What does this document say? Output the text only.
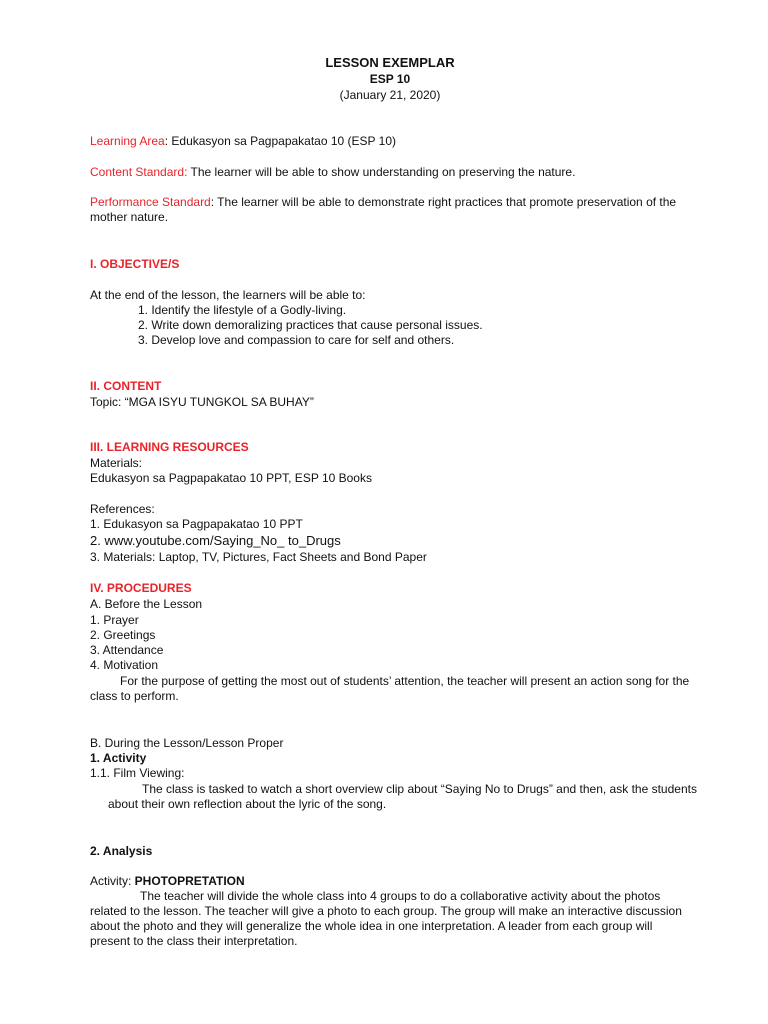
LESSON EXEMPLAR
ESP 10
(January 21, 2020)
Learning Area: Edukasyon sa Pagpapakatao 10 (ESP 10)
Content Standard: The learner will be able to show understanding on preserving the nature.
Performance Standard: The learner will be able to demonstrate right practices that promote preservation of the mother nature.
I. OBJECTIVE/S
At the end of the lesson, the learners will be able to:
1. Identify the lifestyle of a Godly-living.
2. Write down demoralizing practices that cause personal issues.
3. Develop love and compassion to care for self and others.
II. CONTENT
Topic: “MGA ISYU TUNGKOL SA BUHAY”
III. LEARNING RESOURCES
Materials:
Edukasyon sa Pagpapakatao 10 PPT, ESP 10 Books
References:
1. Edukasyon sa Pagpapakatao 10 PPT
2. www.youtube.com/Saying_No_ to_Drugs
3. Materials: Laptop, TV, Pictures, Fact Sheets and Bond Paper
IV. PROCEDURES
A. Before the Lesson
1. Prayer
2. Greetings
3. Attendance
4. Motivation
For the purpose of getting the most out of students’ attention, the teacher will present an action song for the class to perform.
B. During the Lesson/Lesson Proper
1. Activity
1.1. Film Viewing:
The class is tasked to watch a short overview clip about “Saying No to Drugs” and then, ask the students
about their own reflection about the lyric of the song.
2. Analysis
Activity: PHOTOPRETATION
The teacher will divide the whole class into 4 groups to do a collaborative activity about the photos related to the lesson. The teacher will give a photo to each group. The group will make an interactive discussion about the photo and they will generalize the whole idea in one interpretation. A leader from each group will present to the class their interpretation.
